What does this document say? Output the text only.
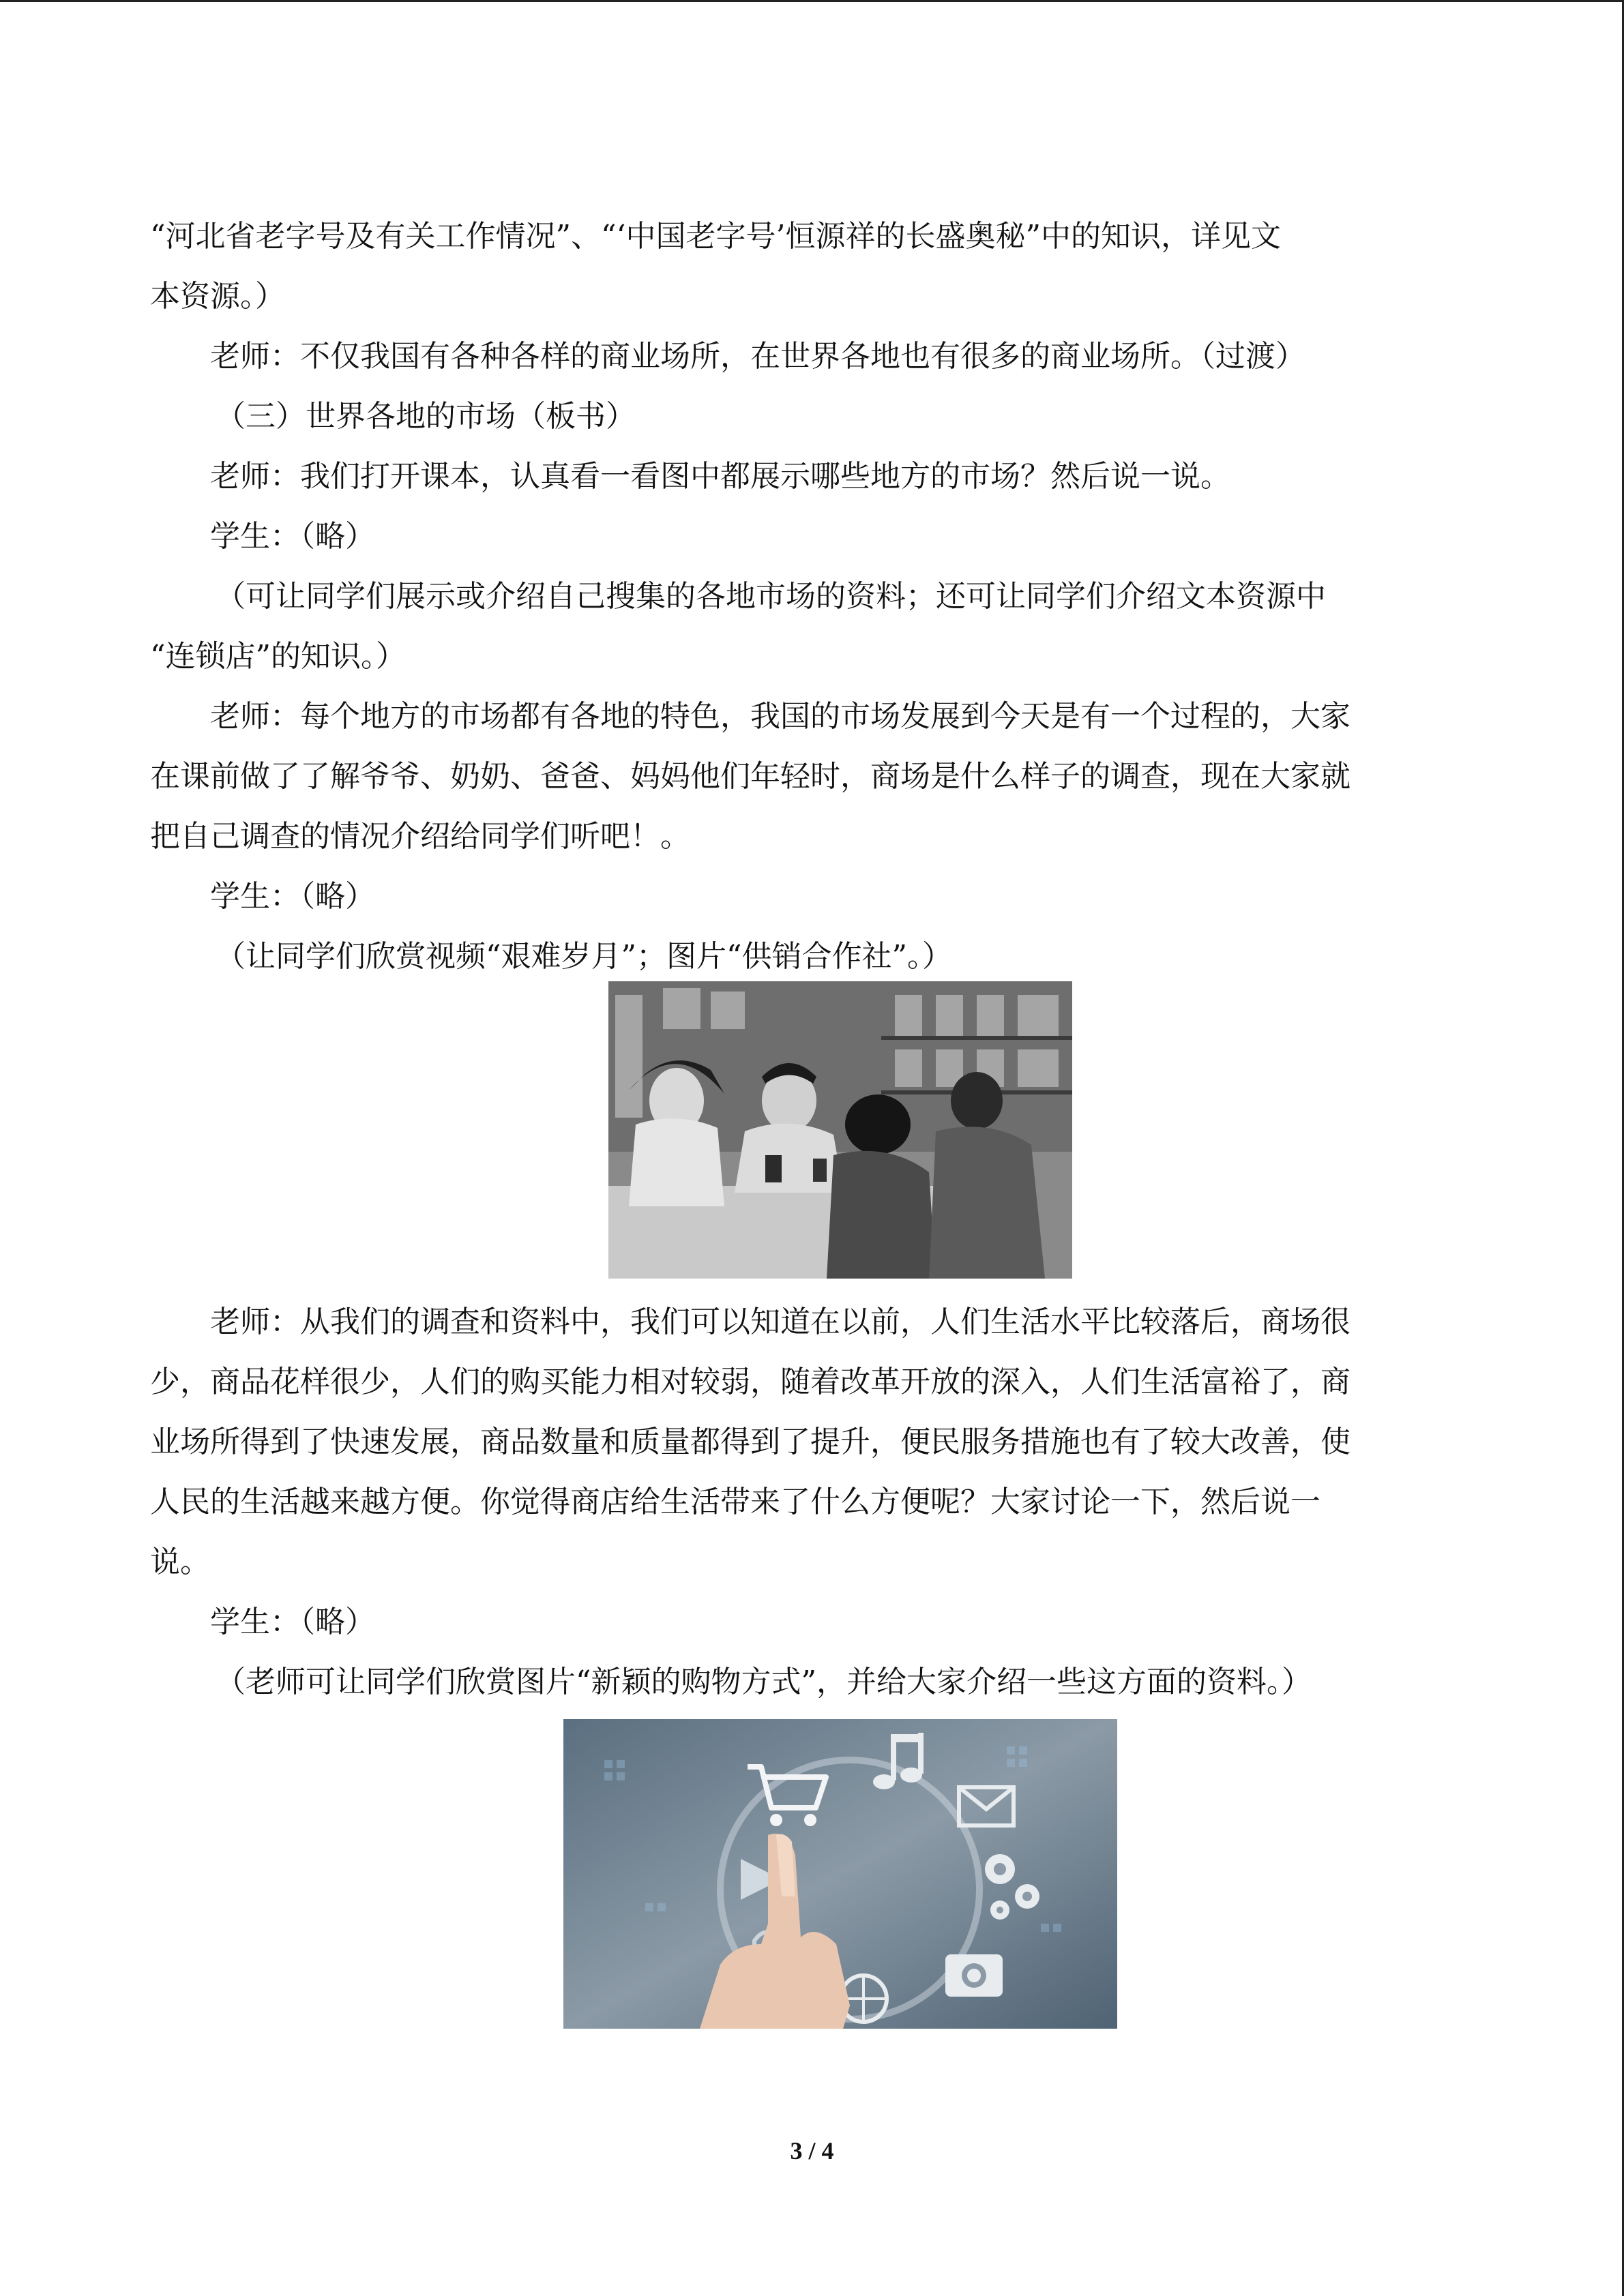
“河北省老字号及有关工作情况”、“‘中国老字号’恒源祥的长盛奥秘”中的知识，详见文

本资源。）

老师：不仅我国有各种各样的商业场所，在世界各地也有很多的商业场所。（过渡）

（三）世界各地的市场（板书）

老师：我们打开课本，认真看一看图中都展示哪些地方的市场？然后说一说。

学生：（略）

（可让同学们展示或介绍自己搜集的各地市场的资料；还可让同学们介绍文本资源中

“连锁店”的知识。）

老师：每个地方的市场都有各地的特色，我国的市场发展到今天是有一个过程的，大家

在课前做了了解爷爷、奶奶、爸爸、妈妈他们年轻时，商场是什么样子的调查，现在大家就

把自己调查的情况介绍给同学们听吧！。

学生：（略）

（让同学们欣赏视频“艰难岁月”；图片“供销合作社”。）

老师：从我们的调查和资料中，我们可以知道在以前，人们生活水平比较落后，商场很

少，商品花样很少，人们的购买能力相对较弱，随着改革开放的深入，人们生活富裕了，商

业场所得到了快速发展，商品数量和质量都得到了提升，便民服务措施也有了较大改善，使

人民的生活越来越方便。你觉得商店给生活带来了什么方便呢？大家讨论一下，然后说一

说。

学生：（略）

（老师可让同学们欣赏图片“新颖的购物方式”，并给大家介绍一些这方面的资料。）

3 / 4
